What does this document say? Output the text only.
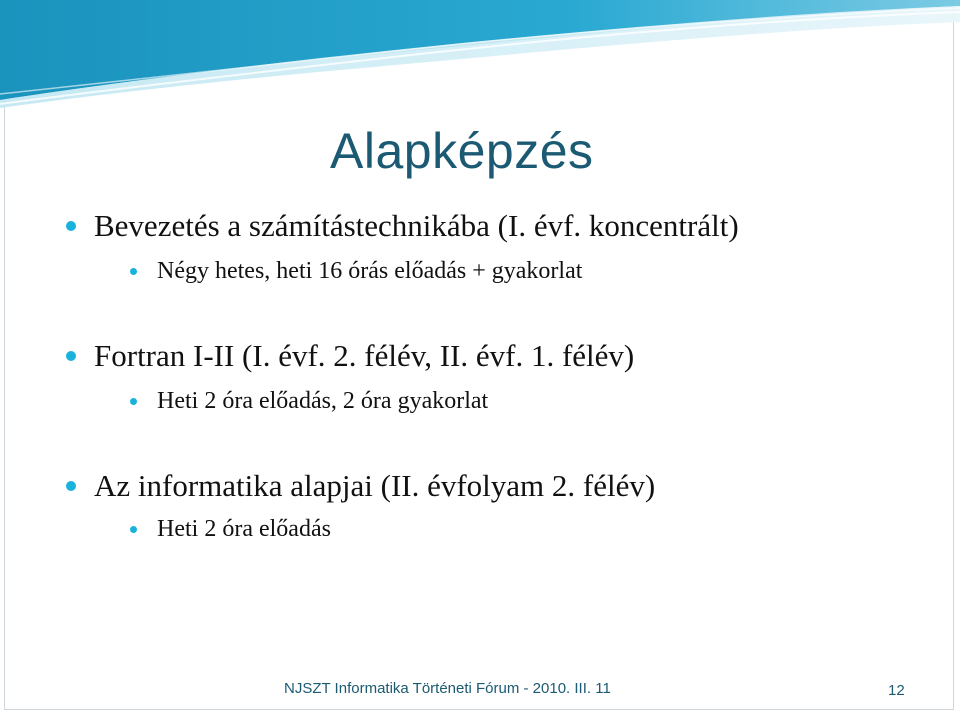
Alapképzés
Bevezetés a számítástechnikába (I. évf. koncentrált)
Négy hetes, heti 16 órás előadás + gyakorlat
Fortran I-II (I. évf. 2. félév, II. évf. 1. félév)
Heti 2 óra előadás, 2 óra gyakorlat
Az informatika alapjai (II. évfolyam 2. félév)
Heti 2 óra előadás
NJSZT Informatika Történeti Fórum - 2010. III. 11	12
